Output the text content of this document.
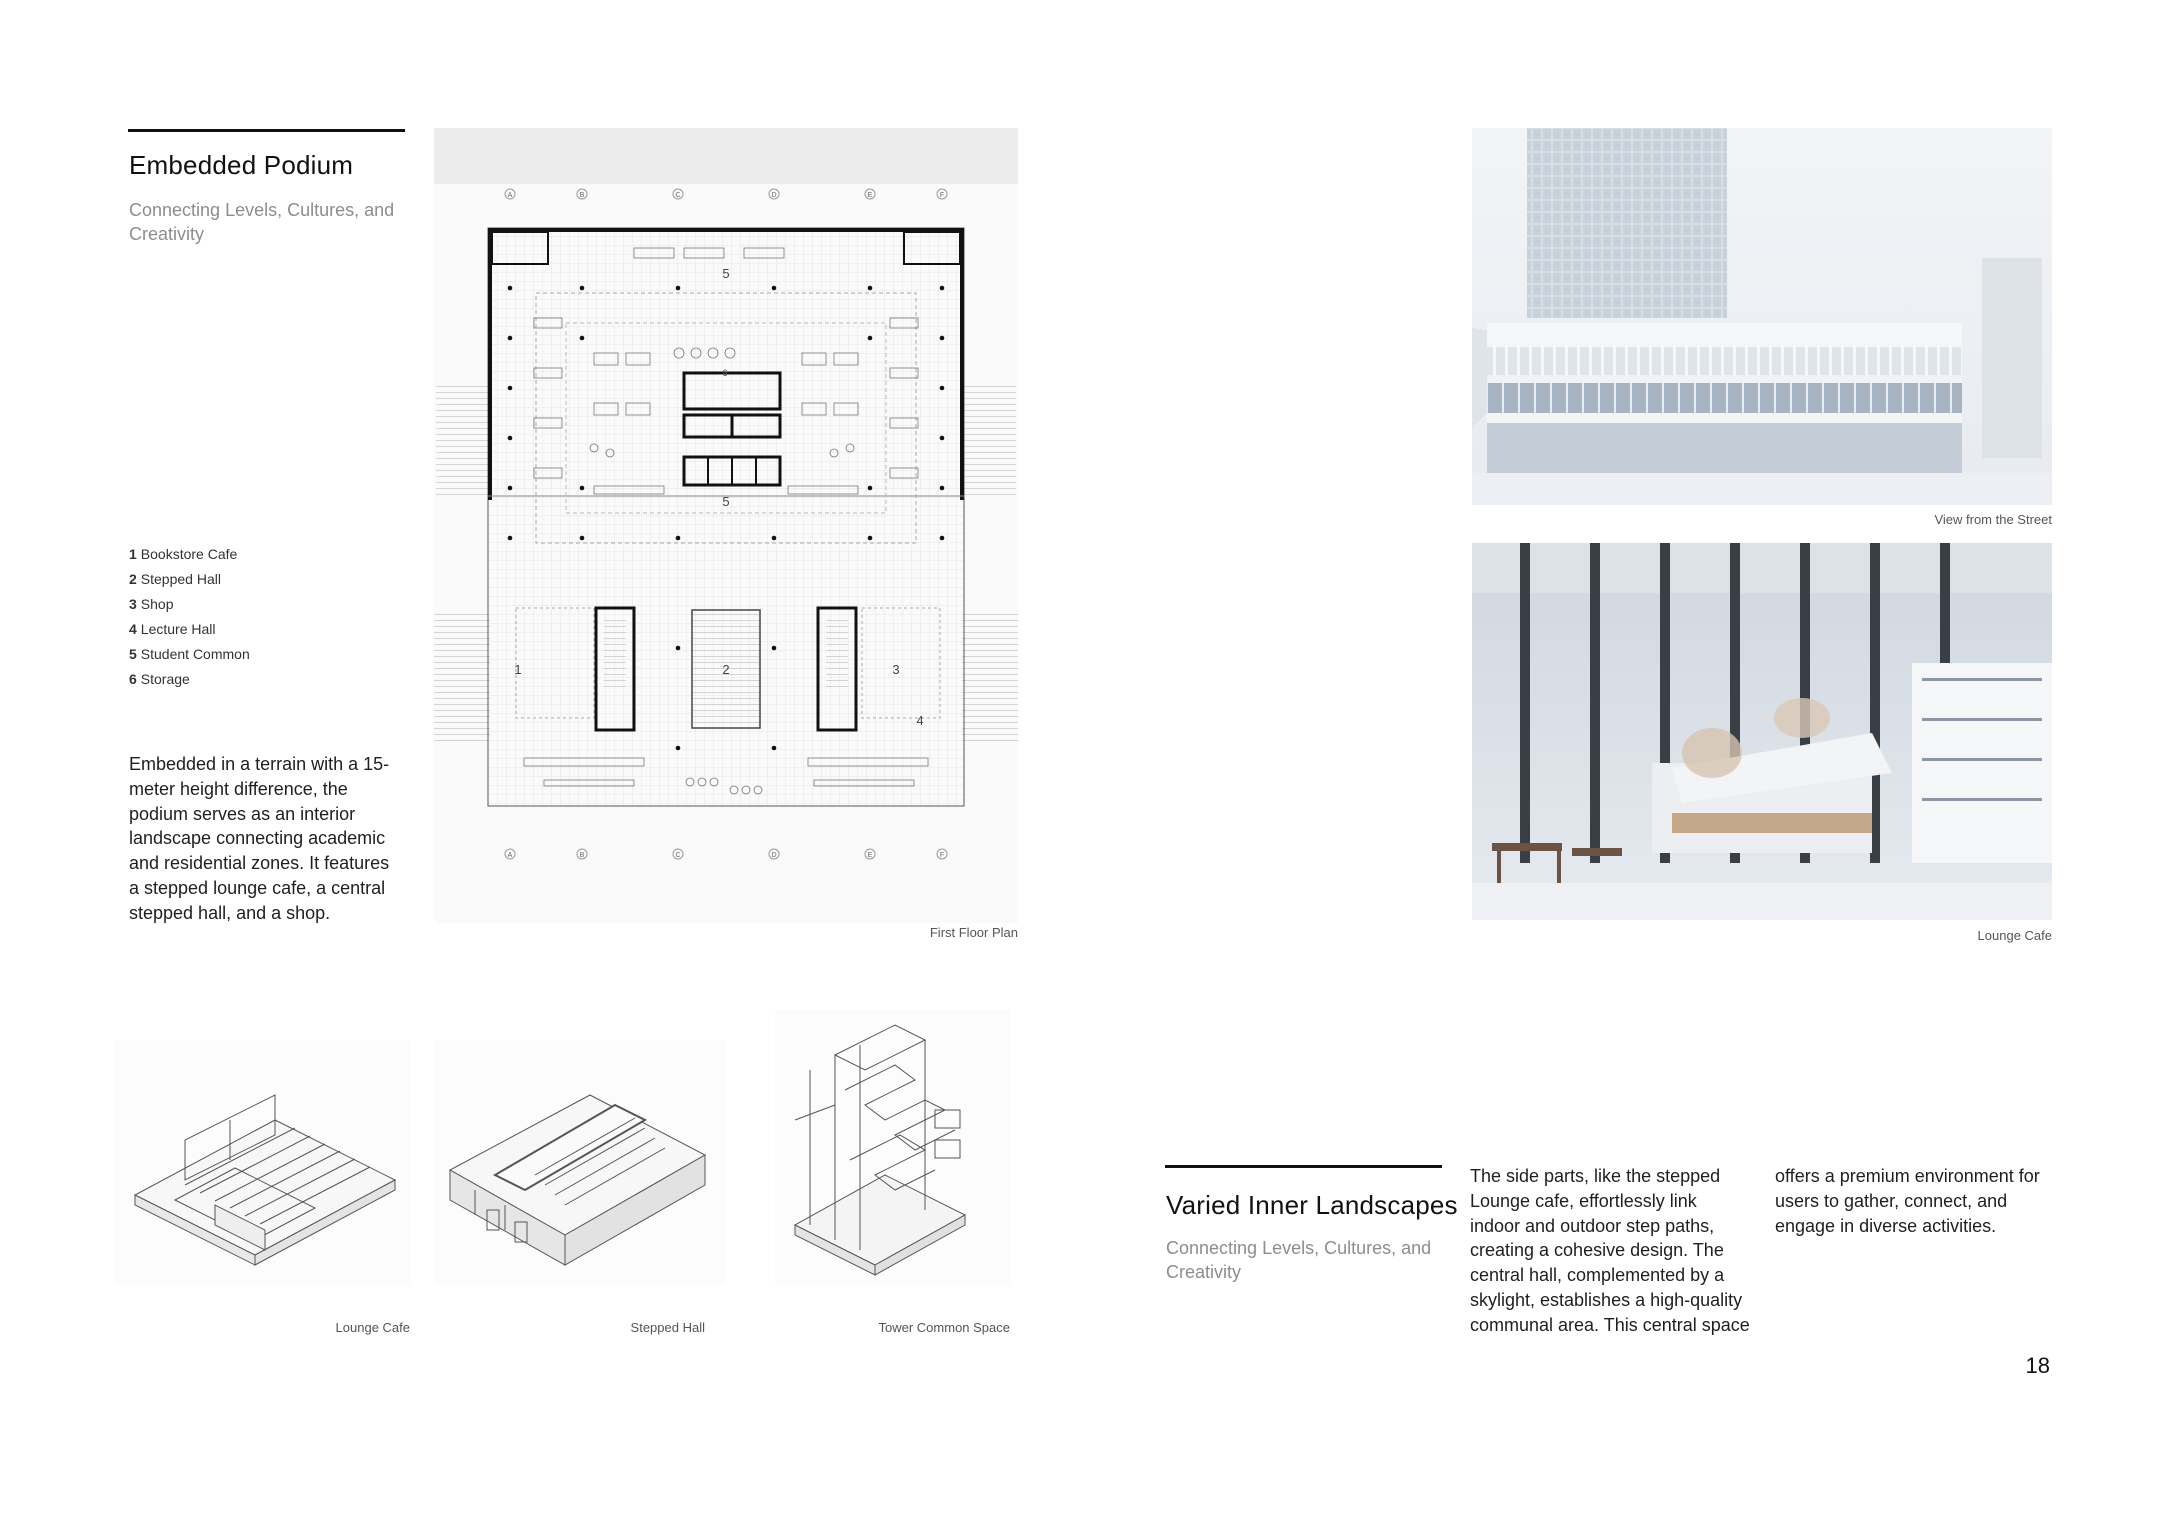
Embedded Podium
Connecting Levels, Cultures, and Creativity
1 Bookstore Cafe
2 Stepped Hall
3 Shop
4 Lecture Hall
5 Student Common
6 Storage
Embedded in a terrain with a 15-meter height difference, the podium serves as an interior landscape connecting academic and residential zones. It features a stepped lounge cafe, a central stepped hall, and a shop.
A	B	C	D	E	F
A	B	C	D	E	F
5
5
6
1	2	3
4
First Floor Plan
Lounge Cafe	Stepped Hall	Tower Common Space
View from the Street
Lounge Cafe
Varied Inner Landscapes
Connecting Levels, Cultures, and Creativity
The side parts, like the stepped Lounge cafe, effortlessly link indoor and outdoor step paths, creating a cohesive design. The central hall, complemented by a skylight, establishes a high-quality communal area. This central space
offers a premium environment for users to gather, connect, and engage in diverse activities.
18
